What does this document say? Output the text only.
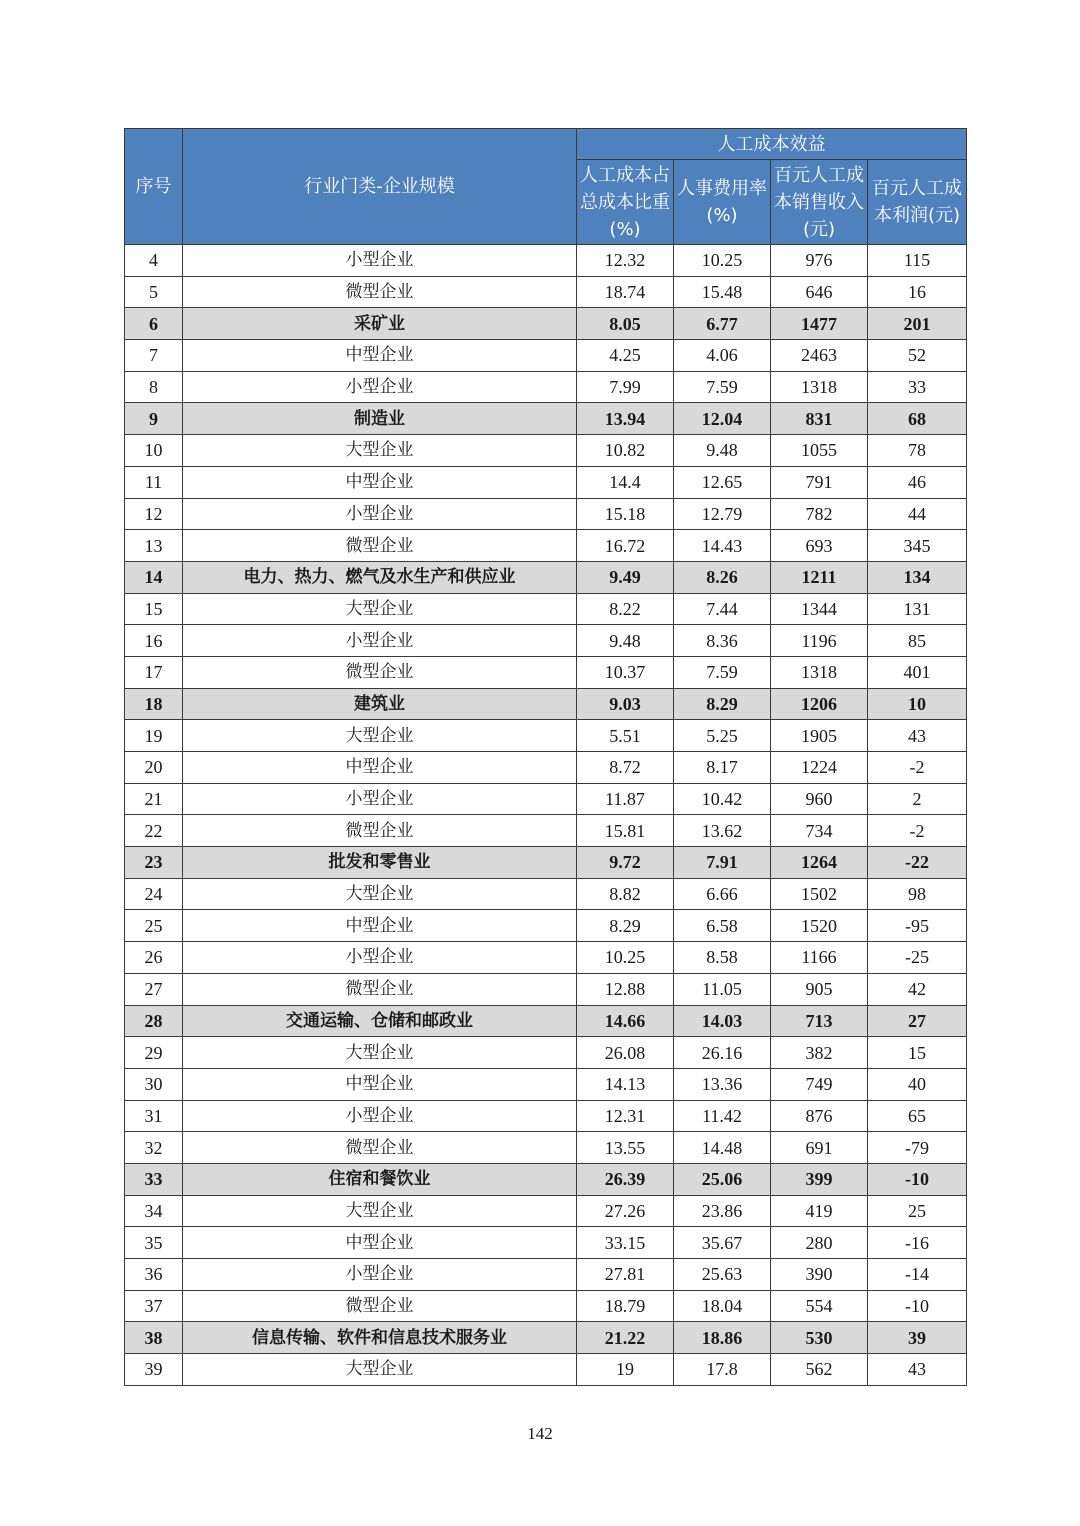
序号	行业门类-企业规模	人工成本效益			
		人工成本占总成本比重(%)	人事费用率(%)	百元人工成本销售收入(元)	百元人工成本利润(元)
4	小型企业	12.32	10.25	976	115
5	微型企业	18.74	15.48	646	16
6	采矿业	8.05	6.77	1477	201
7	中型企业	4.25	4.06	2463	52
8	小型企业	7.99	7.59	1318	33
9	制造业	13.94	12.04	831	68
10	大型企业	10.82	9.48	1055	78
11	中型企业	14.4	12.65	791	46
12	小型企业	15.18	12.79	782	44
13	微型企业	16.72	14.43	693	345
14	电力、热力、燃气及水生产和供应业	9.49	8.26	1211	134
15	大型企业	8.22	7.44	1344	131
16	小型企业	9.48	8.36	1196	85
17	微型企业	10.37	7.59	1318	401
18	建筑业	9.03	8.29	1206	10
19	大型企业	5.51	5.25	1905	43
20	中型企业	8.72	8.17	1224	-2
21	小型企业	11.87	10.42	960	2
22	微型企业	15.81	13.62	734	-2
23	批发和零售业	9.72	7.91	1264	-22
24	大型企业	8.82	6.66	1502	98
25	中型企业	8.29	6.58	1520	-95
26	小型企业	10.25	8.58	1166	-25
27	微型企业	12.88	11.05	905	42
28	交通运输、仓储和邮政业	14.66	14.03	713	27
29	大型企业	26.08	26.16	382	15
30	中型企业	14.13	13.36	749	40
31	小型企业	12.31	11.42	876	65
32	微型企业	13.55	14.48	691	-79
33	住宿和餐饮业	26.39	25.06	399	-10
34	大型企业	27.26	23.86	419	25
35	中型企业	33.15	35.67	280	-16
36	小型企业	27.81	25.63	390	-14
37	微型企业	18.79	18.04	554	-10
38	信息传输、软件和信息技术服务业	21.22	18.86	530	39
39	大型企业	19	17.8	562	43
142
